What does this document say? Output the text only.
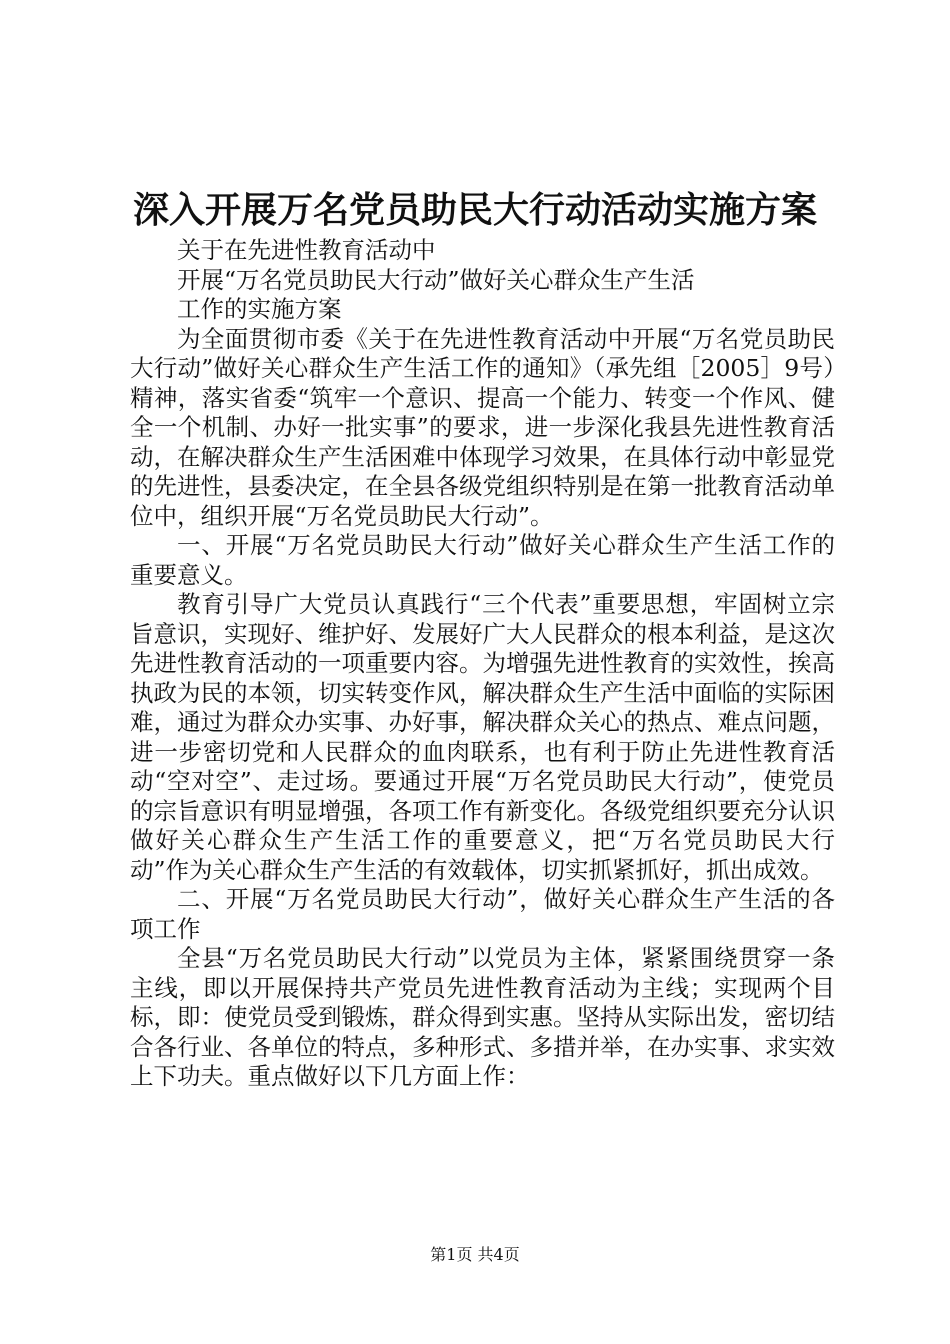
深入开展万名党员助民大行动活动实施方案

关于在先进性教育活动中

开展“万名党员助民大行动”做好关心群众生产生活

工作的实施方案

为全面贯彻市委《关于在先进性教育活动中开展“万名党员助民大行动”做好关心群众生产生活工作的通知》（承先组［2005］9号）精神，落实省委“筑牢一个意识、提高一个能力、转变一个作风、健全一个机制、办好一批实事”的要求，进一步深化我县先进性教育活动，在解决群众生产生活困难中体现学习效果，在具体行动中彰显党的先进性，县委决定，在全县各级党组织特别是在第一批教育活动单位中，组织开展“万名党员助民大行动”。

一、开展“万名党员助民大行动”做好关心群众生产生活工作的重要意义。

教育引导广大党员认真践行“三个代表”重要思想，牢固树立宗旨意识，实现好、维护好、发展好广大人民群众的根本利益，是这次先进性教育活动的一项重要内容。为增强先进性教育的实效性，挨高执政为民的本领，切实转变作风，解决群众生产生活中面临的实际困难，通过为群众办实事、办好事，解决群众关心的热点、难点问题，进一步密切党和人民群众的血肉联系，也有利于防止先进性教育活动“空对空”、走过场。要通过开展“万名党员助民大行动”，使党员的宗旨意识有明显增强，各项工作有新变化。各级党组织要充分认识做好关心群众生产生活工作的重要意义，把“万名党员助民大行动”作为关心群众生产生活的有效载体，切实抓紧抓好，抓出成效。

二、开展“万名党员助民大行动”，做好关心群众生产生活的各项工作

全县“万名党员助民大行动”以党员为主体，紧紧围绕贯穿一条主线，即以开展保持共产党员先进性教育活动为主线；实现两个目标，即：使党员受到锻炼，群众得到实惠。坚持从实际出发，密切结合各行业、各单位的特点，多种形式、多措并举，在办实事、求实效上下功夫。重点做好以下几方面上作：

第1页 共4页
